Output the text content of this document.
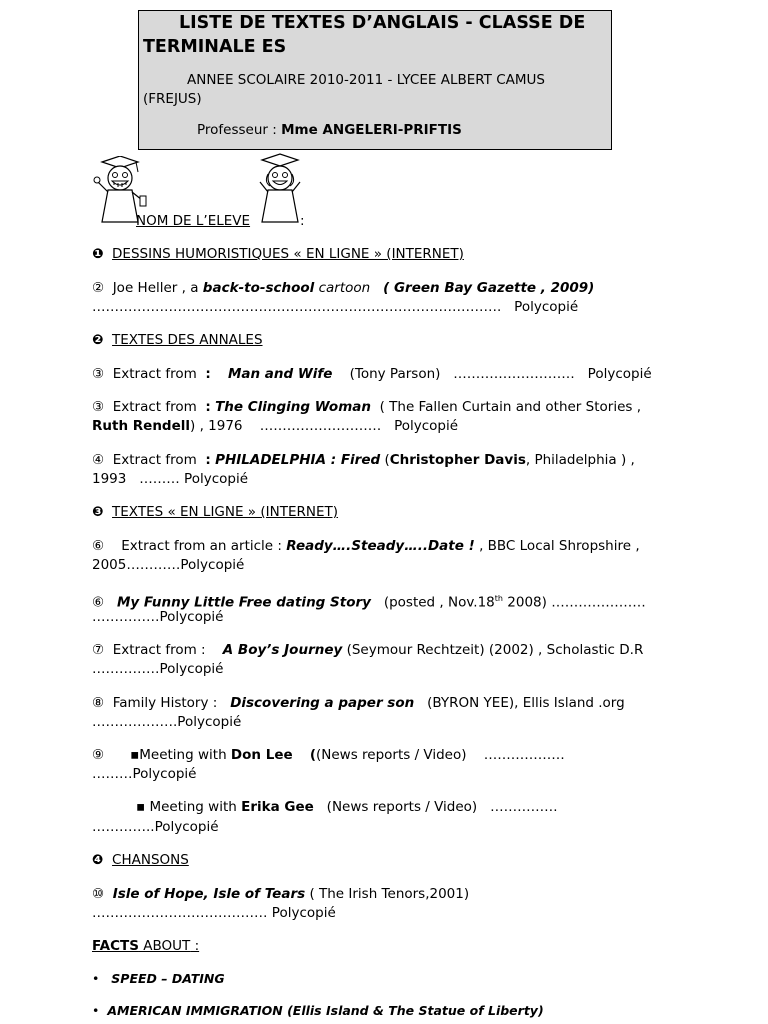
LISTE DE TEXTES D’ANGLAIS - CLASSE DE
TERMINALE ES
ANNEE SCOLAIRE 2010-2011 - LYCEE ALBERT CAMUS
(FREJUS)
Professeur : Mme ANGELERI-PRIFTIS
NOM DE L’ELEVE	:
❶ DESSINS HUMORISTIQUES « EN LIGNE » (INTERNET)
② Joe Heller , a back-to-school cartoon ( Green Bay Gazette , 2009)
………………………………………………………………………………. Polycopié
❷ TEXTES DES ANNALES
③ Extract from : Man and Wife (Tony Parson) ……………………… Polycopié
③ Extract from : The Clinging Woman ( The Fallen Curtain and other Stories ,
Ruth Rendell) , 1976 ……………………… Polycopié
④ Extract from : PHILADELPHIA : Fired (Christopher Davis, Philadelphia ) ,
1993 ……… Polycopié
❸ TEXTES « EN LIGNE » (INTERNET)
⑥ Extract from an article : Ready….Steady…..Date ! , BBC Local Shropshire ,
2005…………Polycopié
⑥ My Funny Little Free dating Story (posted , Nov.18th 2008) …………………
……………Polycopié
⑦ Extract from : A Boy’s Journey (Seymour Rechtzeit) (2002) , Scholastic D.R
……………Polycopié
⑧ Family History : Discovering a paper son (BYRON YEE), Ellis Island .org
……………….Polycopié
⑨ ▪Meeting with Don Lee ((News reports / Video) ………………
………Polycopié
▪ Meeting with Erika Gee (News reports / Video) ……………
…………..Polycopié
❹ CHANSONS
⑩ Isle of Hope, Isle of Tears ( The Irish Tenors,2001)
………………………………… Polycopié
FACTS ABOUT :
• SPEED – DATING
• AMERICAN IMMIGRATION (Ellis Island & The Statue of Liberty)
